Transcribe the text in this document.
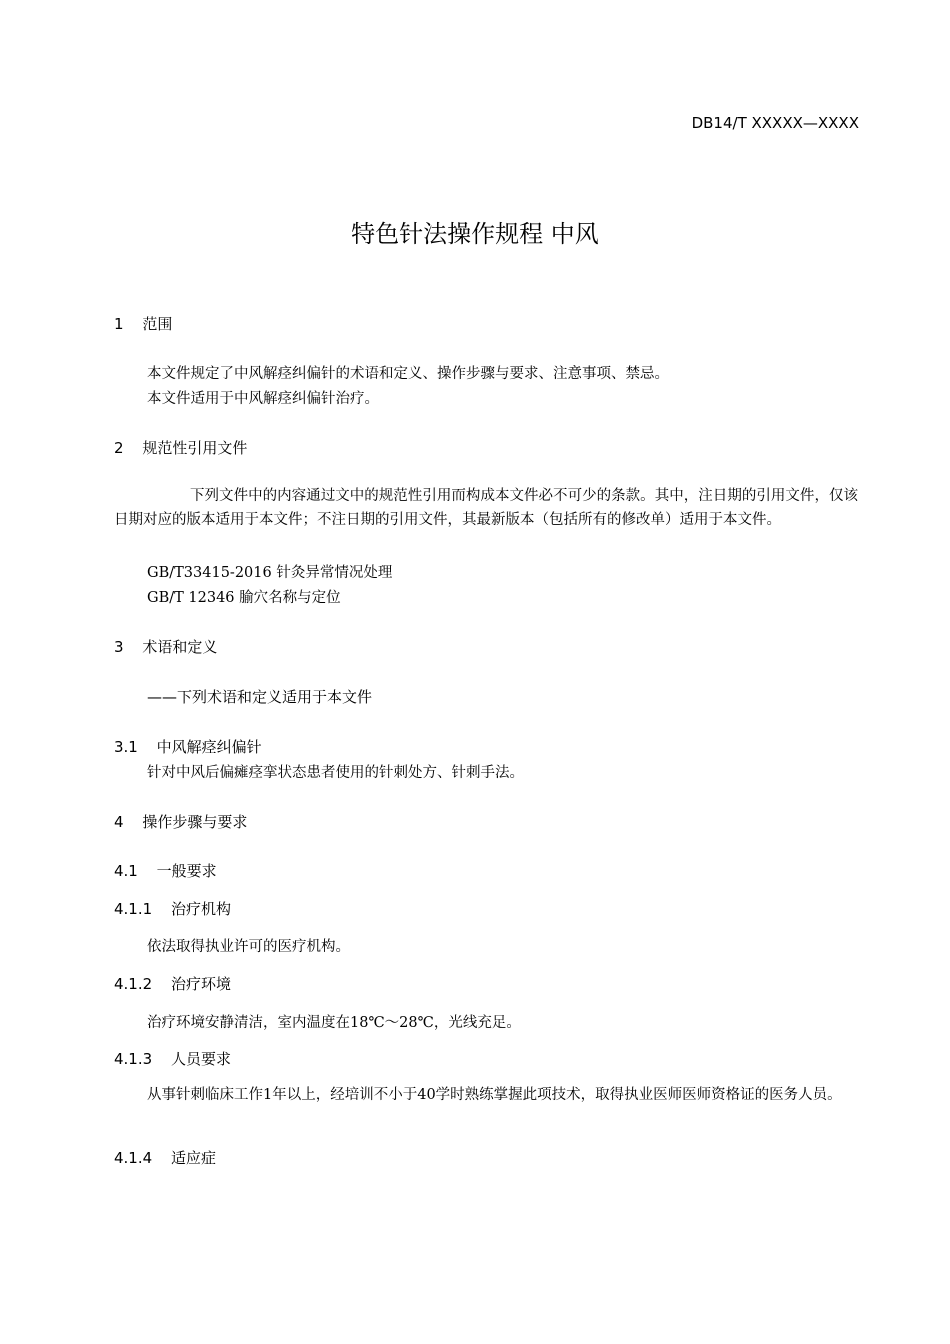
DB14/T XXXXX—XXXX
特色针法操作规程 中风
1 范围
本文件规定了中风解痉纠偏针的术语和定义、操作步骤与要求、注意事项、禁忌。
本文件适用于中风解痉纠偏针治疗。
2 规范性引用文件
下列文件中的内容通过文中的规范性引用而构成本文件必不可少的条款。其中，注日期的引用文件，仅该日期对应的版本适用于本文件；不注日期的引用文件，其最新版本（包括所有的修改单）适用于本文件。
GB/T33415-2016 针灸异常情况处理
GB/T 12346 腧穴名称与定位
3 术语和定义
——下列术语和定义适用于本文件
3.1 中风解痉纠偏针
针对中风后偏瘫痉挛状态患者使用的针刺处方、针刺手法。
4 操作步骤与要求
4.1 一般要求
4.1.1 治疗机构
依法取得执业许可的医疗机构。
4.1.2 治疗环境
治疗环境安静清洁，室内温度在18℃～28℃，光线充足。
4.1.3 人员要求
从事针刺临床工作1年以上，经培训不小于40学时熟练掌握此项技术，取得执业医师医师资格证的医务人员。
4.1.4 适应症
